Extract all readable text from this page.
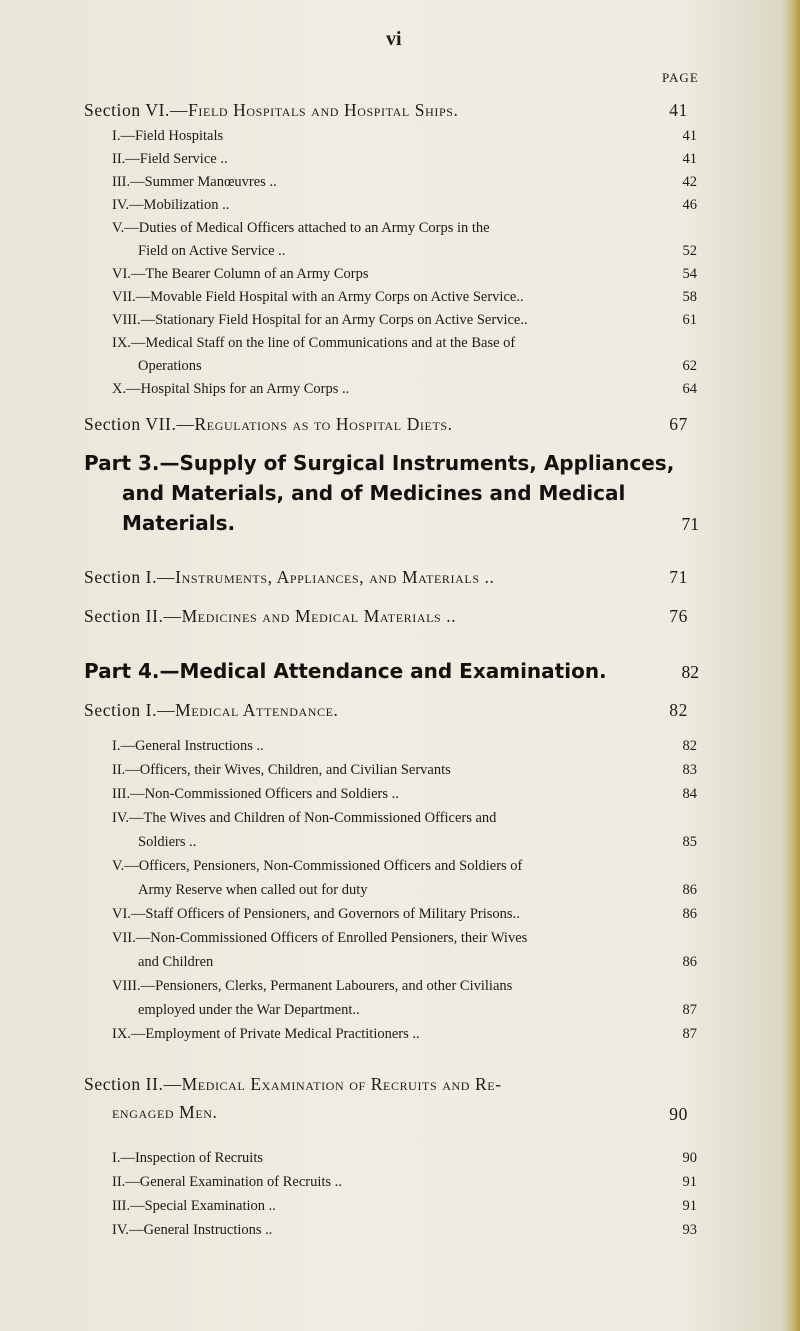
vi
PAGE
Section VI.—Field Hospitals and Hospital Ships.	41
I.—Field Hospitals	41
II.—Field Service ..	41
III.—Summer Manœuvres ..	42
IV.—Mobilization ..	46
V.—Duties of Medical Officers attached to an Army Corps in the
Field on Active Service ..	52
VI.—The Bearer Column of an Army Corps	54
VII.—Movable Field Hospital with an Army Corps on Active Service..	58
VIII.—Stationary Field Hospital for an Army Corps on Active Service..	61
IX.—Medical Staff on the line of Communications and at the Base of
Operations	62
X.—Hospital Ships for an Army Corps ..	64
Section VII.—Regulations as to Hospital Diets.	67
Part 3.—Supply of Surgical Instruments, Appliances,
and Materials, and of Medicines and Medical
Materials.	71
Section I.—Instruments, Appliances, and Materials ..	71
Section II.—Medicines and Medical Materials ..	76
Part 4.—Medical Attendance and Examination.	82
Section I.—Medical Attendance.	82
I.—General Instructions ..	82
II.—Officers, their Wives, Children, and Civilian Servants	83
III.—Non-Commissioned Officers and Soldiers ..	84
IV.—The Wives and Children of Non-Commissioned Officers and
Soldiers ..	85
V.—Officers, Pensioners, Non-Commissioned Officers and Soldiers of
Army Reserve when called out for duty	86
VI.—Staff Officers of Pensioners, and Governors of Military Prisons..	86
VII.—Non-Commissioned Officers of Enrolled Pensioners, their Wives
and Children	86
VIII.—Pensioners, Clerks, Permanent Labourers, and other Civilians
employed under the War Department..	87
IX.—Employment of Private Medical Practitioners ..	87
Section II.—Medical Examination of Recruits and Re-
engaged Men.	90
I.—Inspection of Recruits	90
II.—General Examination of Recruits ..	91
III.—Special Examination ..	91
IV.—General Instructions ..	93
